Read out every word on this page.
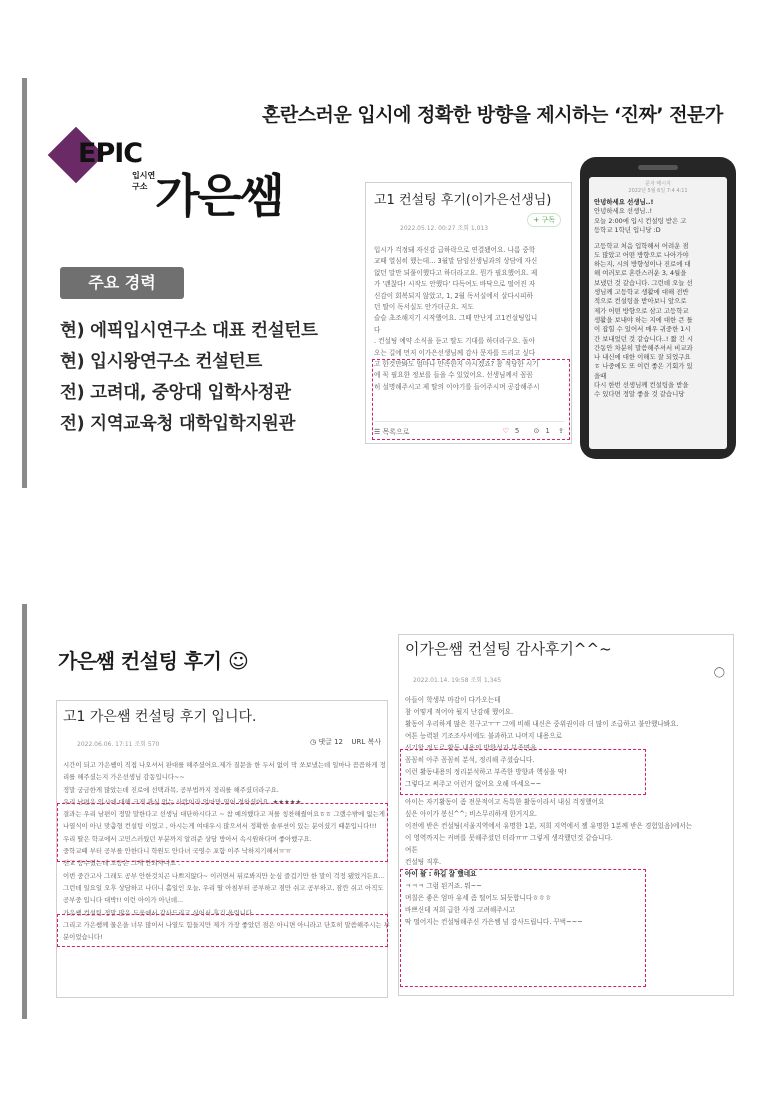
혼란스러운 입시에 정확한 방향을 제시하는 ‘진짜’ 전문가
EPIC
입시연구소 가은쌤
주요 경력
현) 에픽입시연구소 대표 컨설턴트
현) 입시왕연구소 컨설턴트
전) 고려대, 중앙대 입학사정관
전) 지역교육청 대학입학지원관
고1 컨설팅 후기(이가은선생님)
2022.05.12. 00:27 조회 1,013
+ 구독
입시가 걱정돼 자신감 급하락으로 연결됐어요. 나름 중학
교때 열심히 했는데... 3월말 담임선생님과의 상담에 자신
없던 말만 되풀이했다고 하더라고요. 뭔가 필요했어요. 제
가 '괜찮다! 시작도 안했다' 다독여도 바닥으로 떨어진 자
신감이 회복되지 않았고, 1, 2월 독서실에서 살다시피하
던 딸이 독서실도 안가더군요. 저도
슬슬 초조해지기 시작했어요. 그때 만난게 고1컨설팅입니
다
. 컨설팅 예약 소식을 듣고 딸도 기대를 하더라구요. 돌아
오는 길에 먼저 이가은선생님께 감사 문자를 드리고 싶다
고 한것만봐도 엄마나 만족한지 아시겠죠? 참 적당한 시기
에 꼭 필요한 정보를 들을 수 있었어요. 선생님께서 꼼꼼
히 설명해주시고 제 딸의 이야기를 들어주시며 공감해주시
☰ 목록으로	♡ 5 ⊙ 1 ⇪
문자 메시지
2022년 5월 6일 7:4 4:11
안녕하세요 선생님..!
안녕하세요 선생님..!
오늘 2:00에 입시 컨설팅 받은 고
등학교 1학년 입니당 :D
고등학교 처음 입학해서 어려운 점
도 많았고 어떤 방향으로 나아가야
하는지, 시의 방향성이나 진로에 대
해 여러모로 혼란스러운 3, 4월을
보냈던 것 같습니다. 그런데 오늘 선
생님께 고등학교 생활에 대해 전반
적으로 컨설팅을 받아보니 앞으로
제가 어떤 방향으로 삼고 고등학교
생활을 보내야 하는 지에 대한 큰 틀
이 잡힐 수 있어서 매우 귀중한 1시
간 보내었던 것 같습니다..! 짧 긴 시
간동안 차분히 말씀해주셔서 비교과
나 내신에 대한 이해도 잘 되었구요
ㅎ 나중에도 또 이런 좋은 기회가 있
을때
다시 한번 선생님께 컨설팅을 받을
수 있다면 정말 좋을 것 같습니당
가은쌤 컨설팅 후기 ☺
고1 가은쌤 컨설팅 후기 입니다.
2022.06.06. 17:11 조회 570	◷ 댓글 12 URL 복사
시간이 되고 가은쌤이 직접 나오셔서 판대를 해주셨어요.제가 질문을 한 두서 없이 막 쏘보냈는데 일마나 꼼꼼하게 정
리를 해주셨는지 가은선생님 감동입니다~~
정말 궁금한게 많았는데 진로에 선택과목, 공부법까지 정리를 해주셨더라구요.
우리 남편은 입시에 대해 크게 관심 없는 사람이라 얼마만 열어 경하셨어요. ★★★★★
결과는 우리 남편이 정말 말한다고 선생님 대단하시다고 ~ 참 예의했다고 저를 칭찬해줬어요ㅎㅎ 그랬수밖에 없는게
나열식이 아닌 맞춤형 컨설팅 이었고 , 아시는게 여대우시 많으셔서 정확한 솔루션이 있는 분이셨기 때문입니다!!!
우리 딸은 학교에서 고민스러웠던 부분까지 알려준 상담 방아서 속시원하다며 좋아했구요.
중학교때 부터 공부를 안한다니 학원도 안다녀 국영수 포함 이주 낙하지기해서ㅠㅠ
전교 등수였는데 고등은 그게 안되자나요 .
이번 중간고사 그래도 공부 안한것치곤 나쁘지않다~ 이러면서 뒤로봐지만 눈심 즐겁기만 한 말이 걱정 됐었거든요...
그런데 일요일 오후 상담하고 나더니 홀일인 오늘, 우리 딸 아침부터 공부하고 점만 쉬고 공부하고, 잠깐 쉬고 아직도
공부중 입니다 대박!! 이런 아이가 아닌데...
가은쌤 컨설팅 정말 많은 도움에서 감사드리고 싶어서 후기 올립니다.
그리고 가은쌤께 물은을 너무 많이서 나열도 힘들지만 제가 가장 좋았던 점은 아니면 아니라고 단호히 말씀해주시는 부
분이었습니다!
이가은쌤 컨설팅 감사후기^^~
2022.01.14. 19:58 조회 1,345
◯
아들이 학생부 마감이 다가오는데
참 어떻게 적어야 될지 난감해 했어요.
활동이 우리하게 많은 친구고ㅜㅜ 그에 비해 내신은 중위권이라 더 많이 조급하고 불안했나봐요.
여튼 능력된 기조조사서에도 불과하고 나머지 내용으로
신기할 정도로 활동 내용의 방향성과 부족면을
꼼꼼히 아주 꼼꼼히 분석, 정리해 주셨습니다.
이런 활동내용의 정리분석하고 부족한 방향과 핵심을 딱!
그렇다고 써주고 이런거 없어요 오해 마세요~~
아이는 자기활동이 좀 전문적이고 독특한 활동이라서 내심 걱정했어요
싶은 아이가 봉신^^; 비스무리하게 한거지요.
이전에 받은 컨설팅(서울지역에서 유명한 1분, 저희 지역에서 젤 유명한 1분께 받은 경험있음)에서는
이 영역까지는 커버를 못해주셨던 터라ㅠㅠ 그렇게 생각했던것 같습니다.
여튼
컨설팅 직후.
아이 왈 : 하길 잘 했네요
ㅋㅋㅋ 그럼 된거죠. 뭐~~
며칠은 좋은 엄마 유세 좀 떨어도 되듯합니다ㅎㅎㅎ
바쁘신데 저희 급한 사정 고려해주시고
딱 떨어지는 컨설팅해주신 가은쌤 넘 감사드립니다. 꾸벅~~~
